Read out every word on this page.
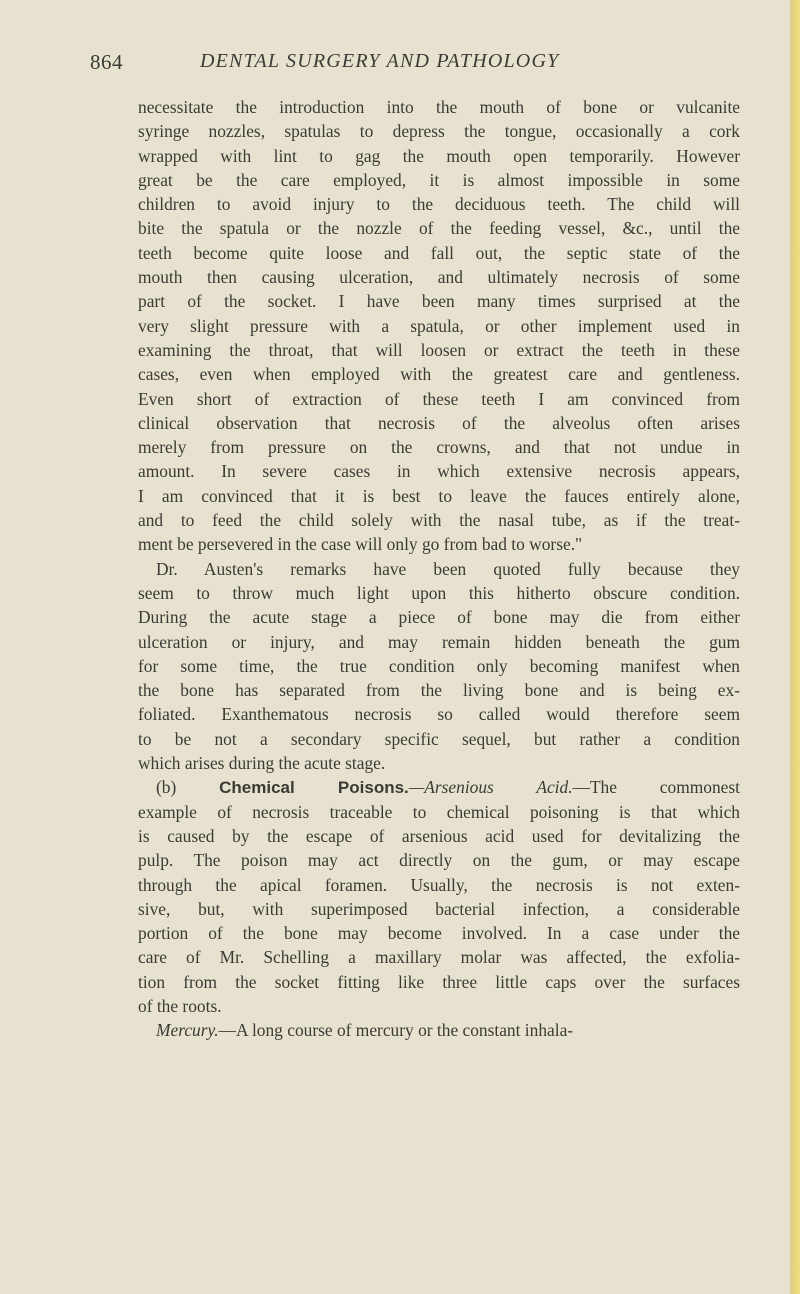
864	DENTAL SURGERY AND PATHOLOGY
necessitate the introduction into the mouth of bone or vulcanite
syringe nozzles, spatulas to depress the tongue, occasionally a cork
wrapped with lint to gag the mouth open temporarily. However
great be the care employed, it is almost impossible in some
children to avoid injury to the deciduous teeth. The child will
bite the spatula or the nozzle of the feeding vessel, &c., until the
teeth become quite loose and fall out, the septic state of the
mouth then causing ulceration, and ultimately necrosis of some
part of the socket. I have been many times surprised at the
very slight pressure with a spatula, or other implement used in
examining the throat, that will loosen or extract the teeth in these
cases, even when employed with the greatest care and gentleness.
Even short of extraction of these teeth I am convinced from
clinical observation that necrosis of the alveolus often arises
merely from pressure on the crowns, and that not undue in
amount. In severe cases in which extensive necrosis appears,
I am convinced that it is best to leave the fauces entirely alone,
and to feed the child solely with the nasal tube, as if the treat-
ment be persevered in the case will only go from bad to worse."
Dr. Austen's remarks have been quoted fully because they
seem to throw much light upon this hitherto obscure condition.
During the acute stage a piece of bone may die from either
ulceration or injury, and may remain hidden beneath the gum
for some time, the true condition only becoming manifest when
the bone has separated from the living bone and is being ex-
foliated. Exanthematous necrosis so called would therefore seem
to be not a secondary specific sequel, but rather a condition
which arises during the acute stage.
(b)	Chemical Poisons.—Arsenious Acid.—The commonest
example of necrosis traceable to chemical poisoning is that which
is caused by the escape of arsenious acid used for devitalizing the
pulp. The poison may act directly on the gum, or may escape
through the apical foramen. Usually, the necrosis is not exten-
sive, but, with superimposed bacterial infection, a considerable
portion of the bone may become involved. In a case under the
care of Mr. Schelling a maxillary molar was affected, the exfolia-
tion from the socket fitting like three little caps over the surfaces
of the roots.
Mercury.—A long course of mercury or the constant inhala-
